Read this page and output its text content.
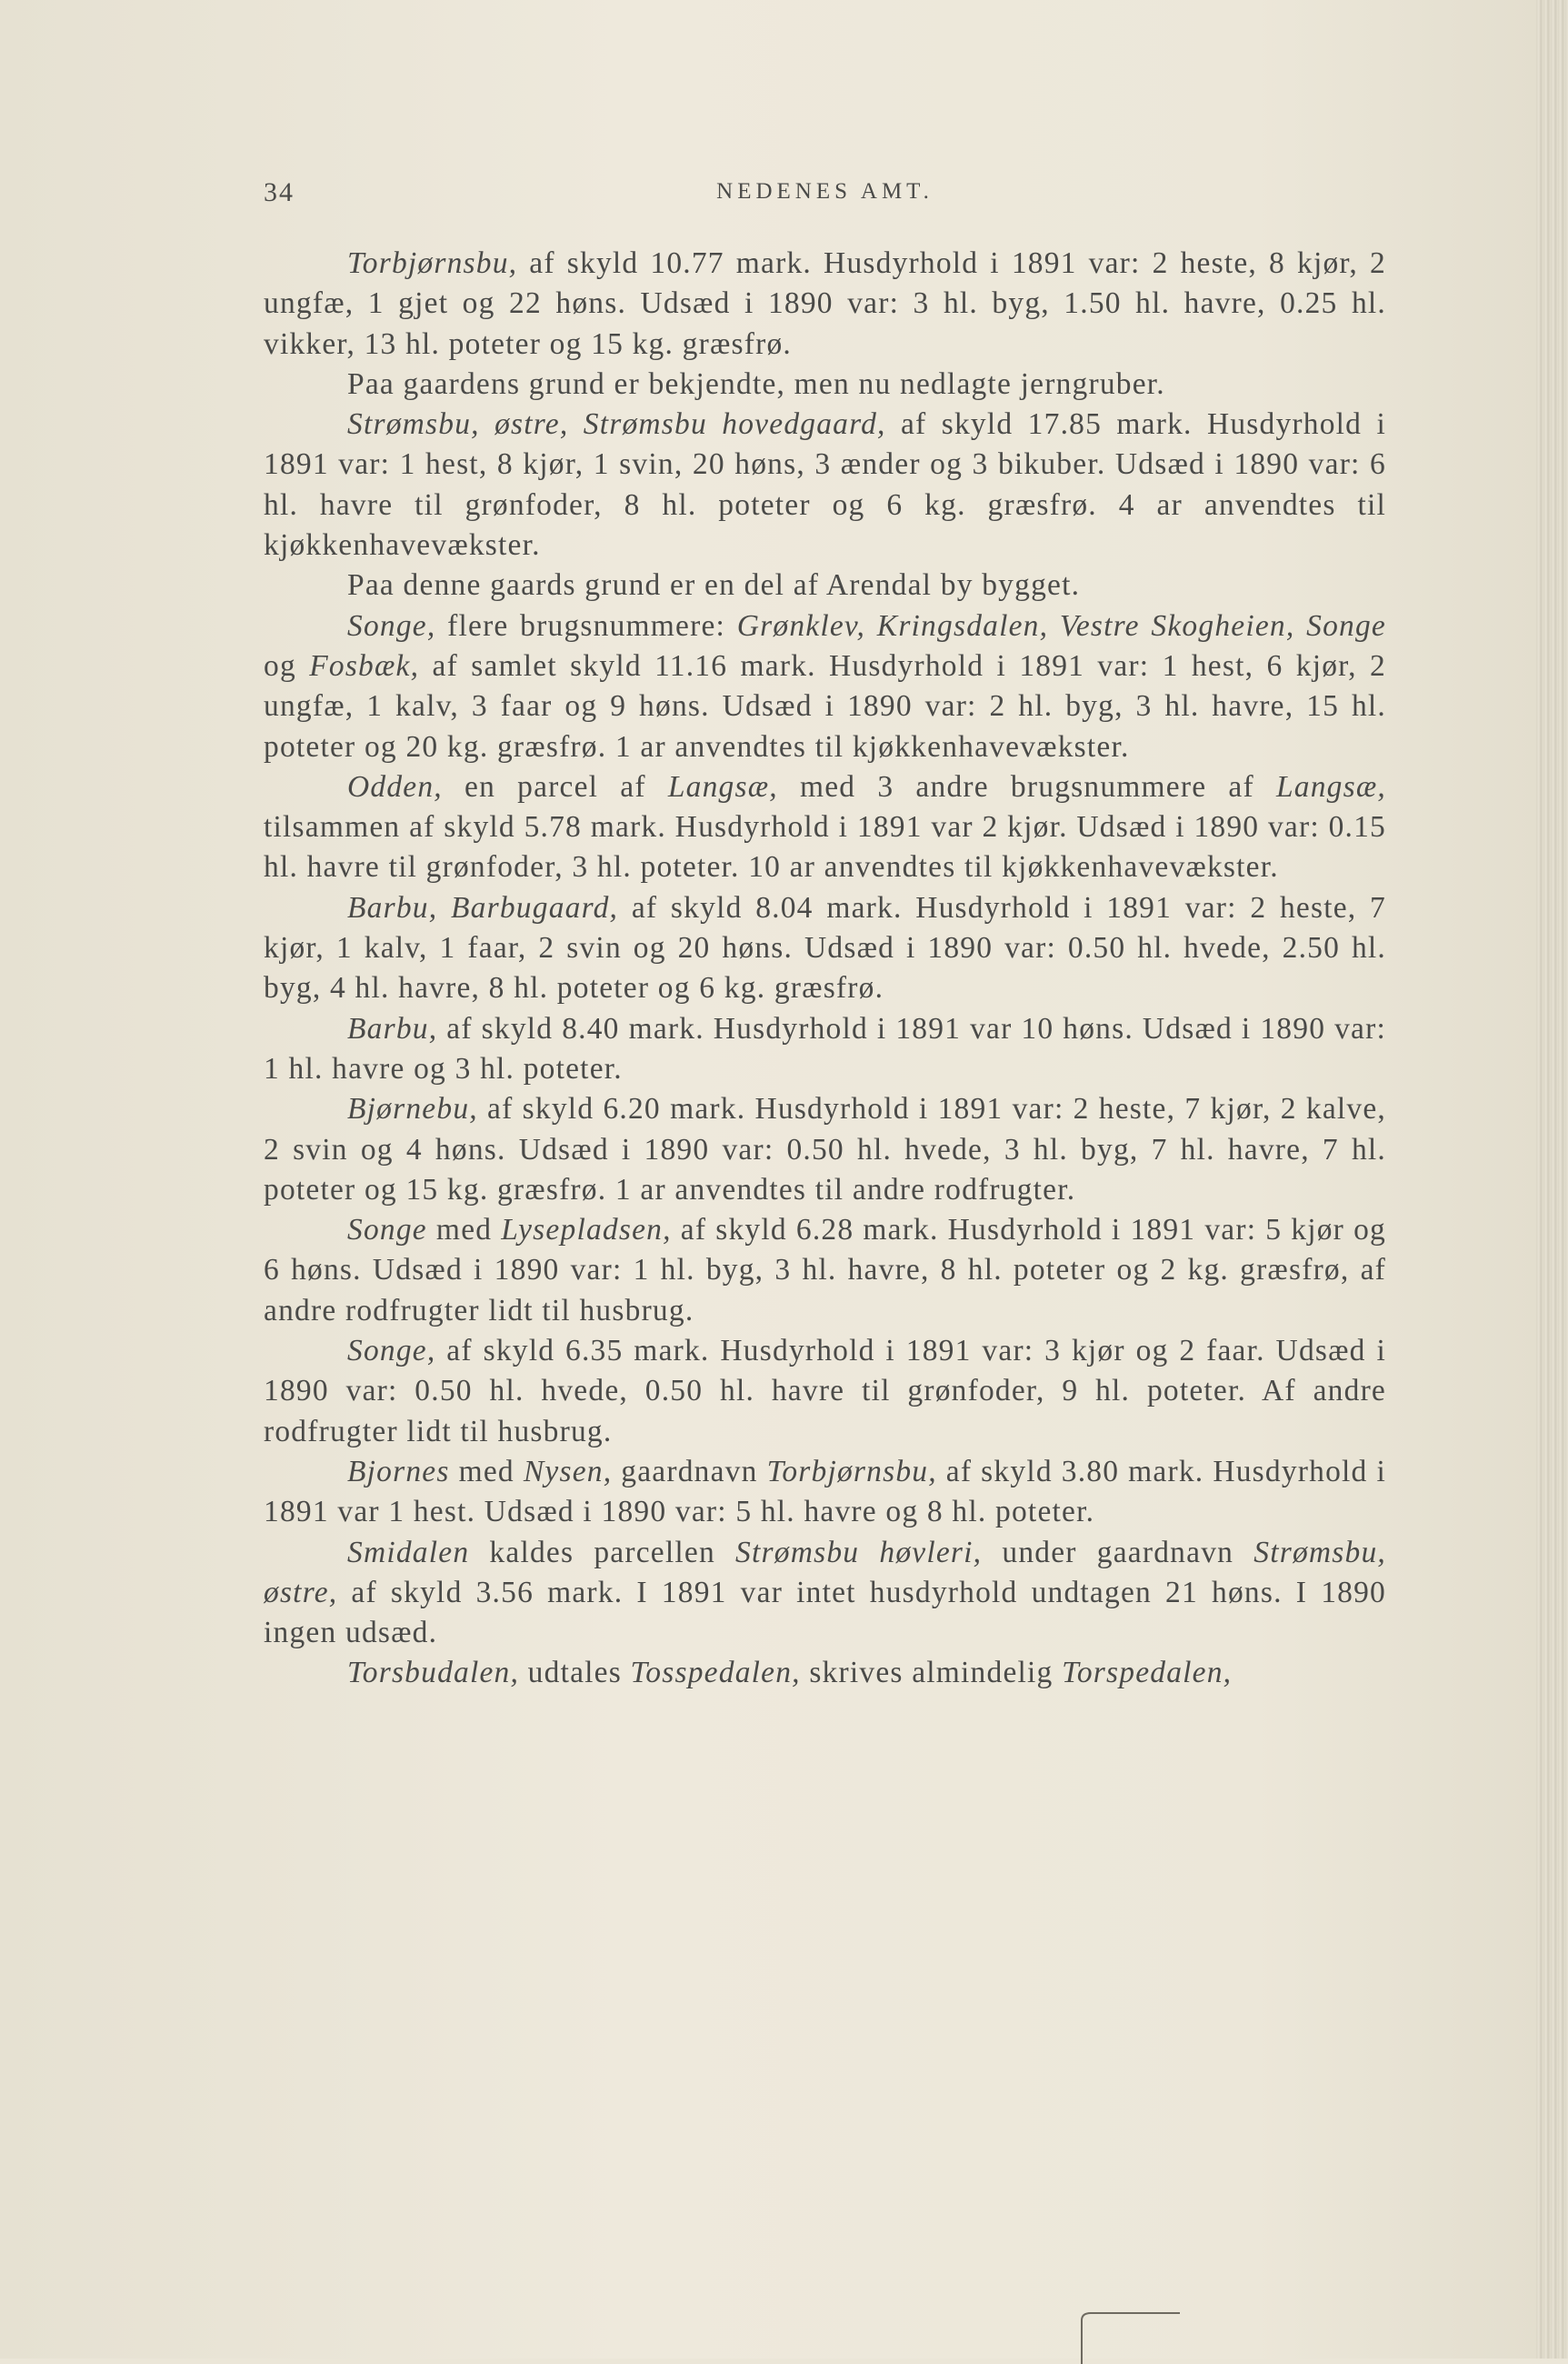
34	NEDENES AMT.

Torbjørnsbu, af skyld 10.77 mark. Husdyrhold i 1891 var: 2 heste, 8 kjør, 2 ungfæ, 1 gjet og 22 høns. Udsæd i 1890 var: 3 hl. byg, 1.50 hl. havre, 0.25 hl. vikker, 13 hl. poteter og 15 kg. græsfrø.

Paa gaardens grund er bekjendte, men nu nedlagte jerngruber.

Strømsbu, østre, Strømsbu hovedgaard, af skyld 17.85 mark. Husdyrhold i 1891 var: 1 hest, 8 kjør, 1 svin, 20 høns, 3 ænder og 3 bikuber. Udsæd i 1890 var: 6 hl. havre til grønfoder, 8 hl. poteter og 6 kg. græsfrø. 4 ar anvendtes til kjøkkenhavevækster.

Paa denne gaards grund er en del af Arendal by bygget.

Songe, flere brugsnummere: Grønklev, Kringsdalen, Vestre Skogheien, Songe og Fosbæk, af samlet skyld 11.16 mark. Husdyrhold i 1891 var: 1 hest, 6 kjør, 2 ungfæ, 1 kalv, 3 faar og 9 høns. Udsæd i 1890 var: 2 hl. byg, 3 hl. havre, 15 hl. poteter og 20 kg. græsfrø. 1 ar anvendtes til kjøkkenhavevækster.

Odden, en parcel af Langsæ, med 3 andre brugsnummere af Langsæ, tilsammen af skyld 5.78 mark. Husdyrhold i 1891 var 2 kjør. Udsæd i 1890 var: 0.15 hl. havre til grønfoder, 3 hl. poteter. 10 ar anvendtes til kjøkkenhavevækster.

Barbu, Barbugaard, af skyld 8.04 mark. Husdyrhold i 1891 var: 2 heste, 7 kjør, 1 kalv, 1 faar, 2 svin og 20 høns. Udsæd i 1890 var: 0.50 hl. hvede, 2.50 hl. byg, 4 hl. havre, 8 hl. poteter og 6 kg. græsfrø.

Barbu, af skyld 8.40 mark. Husdyrhold i 1891 var 10 høns. Udsæd i 1890 var: 1 hl. havre og 3 hl. poteter.

Bjørnebu, af skyld 6.20 mark. Husdyrhold i 1891 var: 2 heste, 7 kjør, 2 kalve, 2 svin og 4 høns. Udsæd i 1890 var: 0.50 hl. hvede, 3 hl. byg, 7 hl. havre, 7 hl. poteter og 15 kg. græsfrø. 1 ar anvendtes til andre rodfrugter.

Songe med Lysepladsen, af skyld 6.28 mark. Husdyrhold i 1891 var: 5 kjør og 6 høns. Udsæd i 1890 var: 1 hl. byg, 3 hl. havre, 8 hl. poteter og 2 kg. græsfrø, af andre rodfrugter lidt til husbrug.

Songe, af skyld 6.35 mark. Husdyrhold i 1891 var: 3 kjør og 2 faar. Udsæd i 1890 var: 0.50 hl. hvede, 0.50 hl. havre til grønfoder, 9 hl. poteter. Af andre rodfrugter lidt til husbrug.

Bjornes med Nysen, gaardnavn Torbjørnsbu, af skyld 3.80 mark. Husdyrhold i 1891 var 1 hest. Udsæd i 1890 var: 5 hl. havre og 8 hl. poteter.

Smidalen kaldes parcellen Strømsbu høvleri, under gaardnavn Strømsbu, østre, af skyld 3.56 mark. I 1891 var intet husdyrhold undtagen 21 høns. I 1890 ingen udsæd.

Torsbudalen, udtales Tosspedalen, skrives almindelig Torspedalen,
